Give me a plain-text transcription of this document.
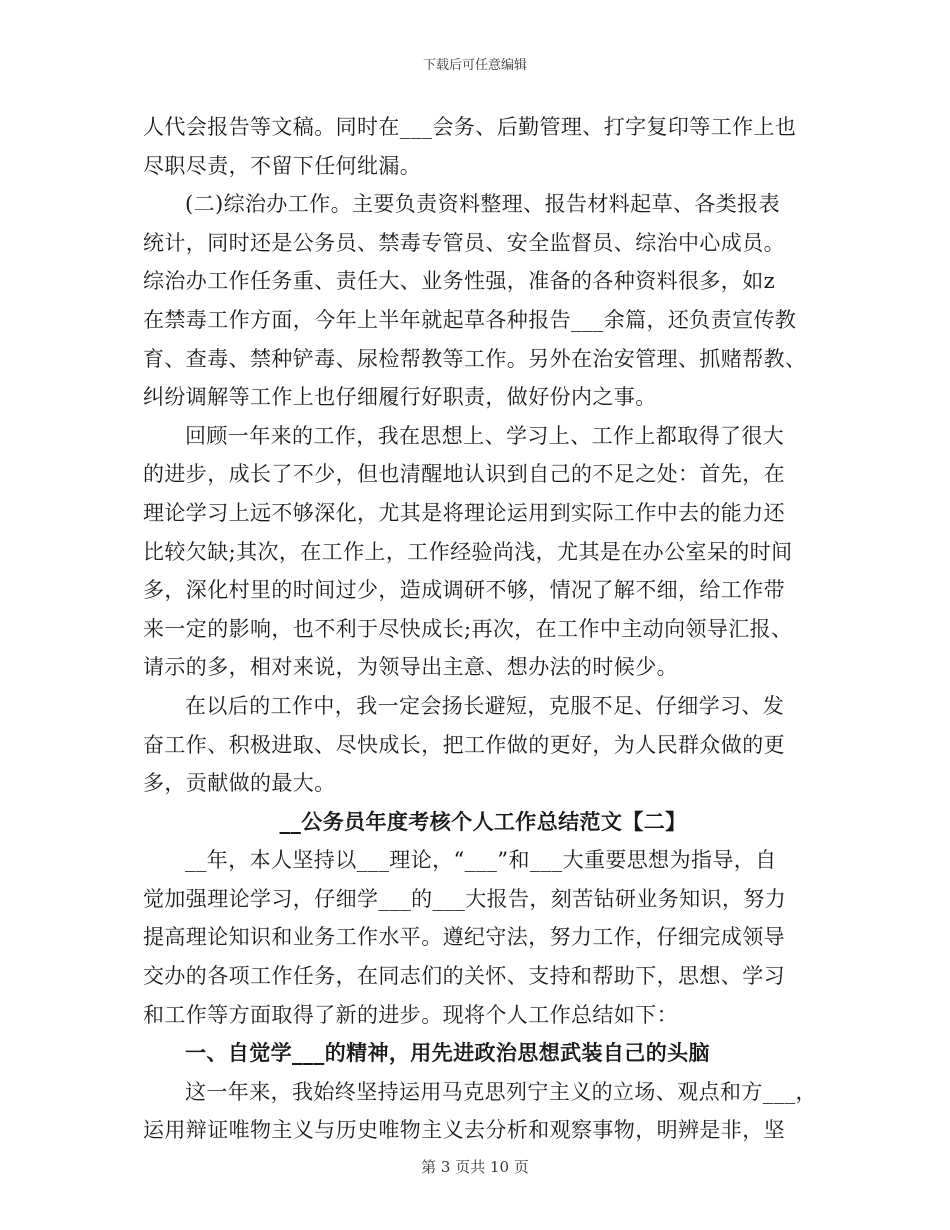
下载后可任意编辑
人代会报告等文稿。同时在___会务、后勤管理、打字复印等工作上也
尽职尽责，不留下任何纰漏。
(二)综治办工作。主要负责资料整理、报告材料起草、各类报表
统计，同时还是公务员、禁毒专管员、安全监督员、综治中心成员。
综治办工作任务重、责任大、业务性强，准备的各种资料很多，如z
在禁毒工作方面，今年上半年就起草各种报告___余篇，还负责宣传教
育、查毒、禁种铲毒、尿检帮教等工作。另外在治安管理、抓赌帮教、
纠纷调解等工作上也仔细履行好职责，做好份内之事。
回顾一年来的工作，我在思想上、学习上、工作上都取得了很大
的进步，成长了不少，但也清醒地认识到自己的不足之处：首先，在
理论学习上远不够深化，尤其是将理论运用到实际工作中去的能力还
比较欠缺;其次，在工作上，工作经验尚浅，尤其是在办公室呆的时间
多，深化村里的时间过少，造成调研不够，情况了解不细，给工作带
来一定的影响，也不利于尽快成长;再次，在工作中主动向领导汇报、
请示的多，相对来说，为领导出主意、想办法的时候少。
在以后的工作中，我一定会扬长避短，克服不足、仔细学习、发
奋工作、积极进取、尽快成长，把工作做的更好，为人民群众做的更
多，贡献做的最大。
__公务员年度考核个人工作总结范文【二】
__年，本人坚持以___理论，“___”和___大重要思想为指导，自
觉加强理论学习，仔细学___的___大报告，刻苦钻研业务知识，努力
提高理论知识和业务工作水平。遵纪守法，努力工作，仔细完成领导
交办的各项工作任务，在同志们的关怀、支持和帮助下，思想、学习
和工作等方面取得了新的进步。现将个人工作总结如下：
一、自觉学___的精神，用先进政治思想武装自己的头脑
这一年来，我始终坚持运用马克思列宁主义的立场、观点和方___，
运用辩证唯物主义与历史唯物主义去分析和观察事物，明辨是非，坚
第 3 页共 10 页
